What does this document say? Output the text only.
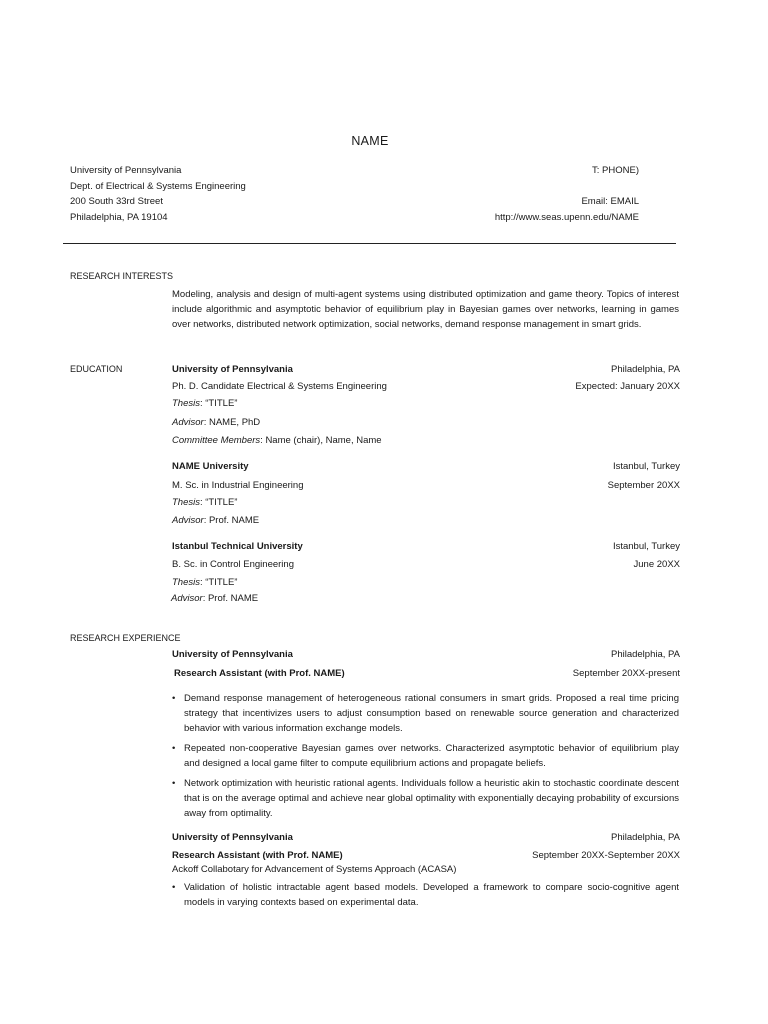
NAME
University of Pennsylvania
Dept. of Electrical & Systems Engineering
200 South 33rd Street
Philadelphia, PA 19104
T: PHONE)
Email: EMAIL
http://www.seas.upenn.edu/NAME
RESEARCH INTERESTS
Modeling, analysis and design of multi-agent systems using distributed optimization and game theory. Topics of interest include algorithmic and asymptotic behavior of equilibrium play in Bayesian games over networks, learning in games over networks, distributed network optimization, social networks, demand response management in smart grids.
EDUCATION	University of Pennsylvania	Philadelphia, PA
Ph. D. Candidate Electrical & Systems Engineering	Expected: January 20XX
Thesis: “TITLE”
Advisor: NAME, PhD
Committee Members: Name (chair), Name, Name
NAME University	Istanbul, Turkey
M. Sc. in Industrial Engineering	September 20XX
Thesis: “TITLE”
Advisor: Prof. NAME
Istanbul Technical University	Istanbul, Turkey
B. Sc. in Control Engineering	June 20XX
Thesis: “TITLE”
Advisor: Prof. NAME
RESEARCH EXPERIENCE
University of Pennsylvania	Philadelphia, PA
Research Assistant (with Prof. NAME)	September 20XX-present
• Demand response management of heterogeneous rational consumers in smart grids. Proposed a real time pricing strategy that incentivizes users to adjust consumption based on renewable source generation and characterized behavior with various information exchange models.
• Repeated non-cooperative Bayesian games over networks. Characterized asymptotic behavior of equilibrium play and designed a local game filter to compute equilibrium actions and propagate beliefs.
• Network optimization with heuristic rational agents. Individuals follow a heuristic akin to stochastic coordinate descent that is on the average optimal and achieve near global optimality with exponentially decaying probability of excursions away from optimality.
University of Pennsylvania	Philadelphia, PA
Research Assistant (with Prof. NAME)	September 20XX-September 20XX
Ackoff Collabotary for Advancement of Systems Approach (ACASA)
• Validation of holistic intractable agent based models. Developed a framework to compare socio-cognitive agent models in varying contexts based on experimental data.
